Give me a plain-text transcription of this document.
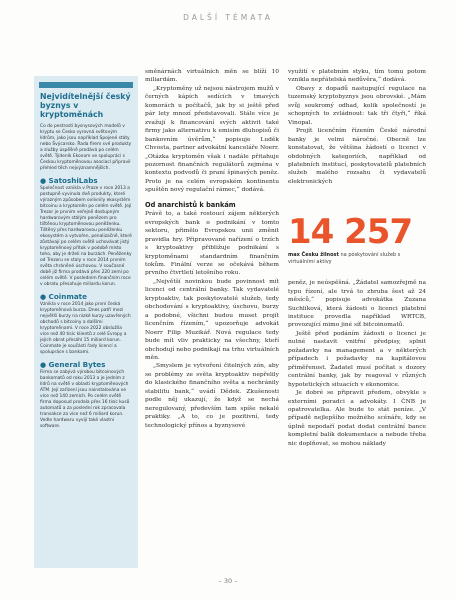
DALŠÍ TÉMATA
Nejvidítelnější český byznys v kryptoměnách
Co do pestrosti bysnysových modelů v kryptu se Česko vyrovná světovým lídrům, jako jsou například Spojené státy nebo Švýcarsko. Řada firem své produkty a služby úspěšně prodává po celém světě. Týdeník Ekonom ve spolupráci s Českou kryptoměnovou asociací připravil přehled těch nejvýznamnějších.
● SatoshiLabs
Společnost vznikla v Praze v roce 2013 a postupně vyvinula dvě produkty, které výrazným způsobem ovlivnily ekosystém bitcoinu a kryptoměn po celém světě. Její Trezor je prvním veřejně dostupným hardwarovým stálým penězem pro tištěnou kryptoměnovou peněženku. Tištěný přes hardwarovou peněženku ekosystém a vytvořen, penalizačně, které zůstávají po celém světě uchovávat jistý kryptoměnový přítok v podobě místo toho, aby je drželi na burzách. Peněženky od Trezoru se staly v roce 2014 prvním světa chráněné úschovou. V současné době již firma prodává přes 220 zemí po celém světě. V posledním finančním roce v obratu přesahuje miliardu korun.
● Coinmate
Vznikla v roce 2014 jako první česká kryptoměnová burza. Dnes patří mezi největší burzy na nízké kurzy uzavřených obchodů s bitcoiny a dalšími kryptoměnami. V roce 2022 obslužila více než 40 tisíc klientů z celé Evropy a jejich obrat přesáhl 15 miliard korun. Coinmate je součástí řady licencí a spolupráce s bankami.
● General Bytes
Firma se zabývá výrobou bitcoinových bankomatů od roku 2013 a je jedním z lídrů na světě v oblasti kryptoměnových ATM. Její zařízení jsou nainstalována ve více než 140 zemích. Po celém světě firma doposud prodala přes 16 tisíc kusů automatů a za poslední rok zpracovala transakce za více než 6 miliard korun. Vedle hardwaru vyvíjí také vlastní software.

směnárnách virtuálních měn se blíží 10 miliardám.

„Kryptoměny už nejsou nástrojem mužů v černých kápích sedících v tmavých komorách u počítačů, jak by si ještě před pár lety mnozí představovali. Stále více je zvažují k financování svých aktivit také firmy jako alternativu k emisím dluhopisů či bankovním úvěrům,“ popisuje Luděk Chvosta, partner advokátní kanceláře Noerr. „Otázka kryptoměn však i nadále přitahuje pozornost finančních regulátorů zejména v kontextu podvodů či praní špinavých peněz. Proto je na celém evropském kontinentu spuštěn nový regulační rámec,“ dodává.

Od anarchistů k bankám

Právě to, a také rostoucí zájem některých evropských bank o podnikání v tomto sektoru, přimělo Evropskou unii změnit pravidla hry. Připravované nařízení o trzích s kryptoaktivy přibližuje podnikání s kryptoměnami standardním finančním tokům. Finální verze se očekává během prvního čtvrtletí letošního roku.

„Největší novinkou bude povinnost mít licenci od centrální banky. Tak vydavatelé kryptoaktiv, tak poskytovatelé služeb, tedy obchodování s kryptoaktivy, úschovu, burzy a podobné, všichni budou muset projít licenčním řízením,“ upozorňuje advokát Noerr Filip Muzikář. Nová regulace tedy bude mít vliv prakticky na všechny, kteří obchodují nebo podnikají na trhu virtuálních měn.

„Smyslem je vytvoření čitelných zón, aby se problémy ze světa kryptoaktiv nepřelily do klasického finančního světa a nechránily stabilitu bank,“ uvádí Dědek. Zkušenosti podle něj ukazují, že když se nechá neregulovaný, především tam spíše nekalé praktiky. „A to, co je pozitivní, tedy technologický přínos a byznysové

využití v platebním styku, tím tomu potom vznikla nepřátelská nedůvěra,“ dodává.

Obavy z dopadů nastupující regulace na tuzemský kryptobyznys jsou obrovské. „Mám svůj soukromý odhad, kolik společností je schopných to zvládnout: tak tři čtyři,“ říká Vinopal.

Projít licenčním řízením České národní banky je velmi náročné. Obecně lze konstatovat, že většina žádostí o licenci v obdobných kategoriích, například od platebních institucí, poskytovatelů platebních služeb malého rozsahu či vydavatelů elektronických

14 257
max Česku žilnost na poskytování služeb s virtuálními aktivy

peněz, je neúspěšná. „Žádatel samozřejmě na typu řízení, ale trvá to zhruba šest až 24 měsíců,“ popisuje advokátka Zuzana Suchlíková, která žádosti o licenci platební instituce provedla například WRTCB, provozující mimo jiné síť bitcoinomatů.

Ještě před podáním žádosti o licenci je nutné nastavit vnitřní předpisy, splnit požadavky na management a v některých případech i požadavky na kapitálovou přiměřenost. Žadatel musí počítat s dozory centrální banky, jak by reagoval v různých hypotetických situacích v ekonomice.

Je dobré se připravit předem, obvykle s externími poradci a advokáty. I ČNB je opatrovatelka. Ale bude to stát peníze. „V případě nejlepšího možného scénáře, kdy se úplně nepodaří podat dodat centrální bance kompletní balík dokumentace a nebude třeba nic doplňovat, se mohou náklady

– 30 –
